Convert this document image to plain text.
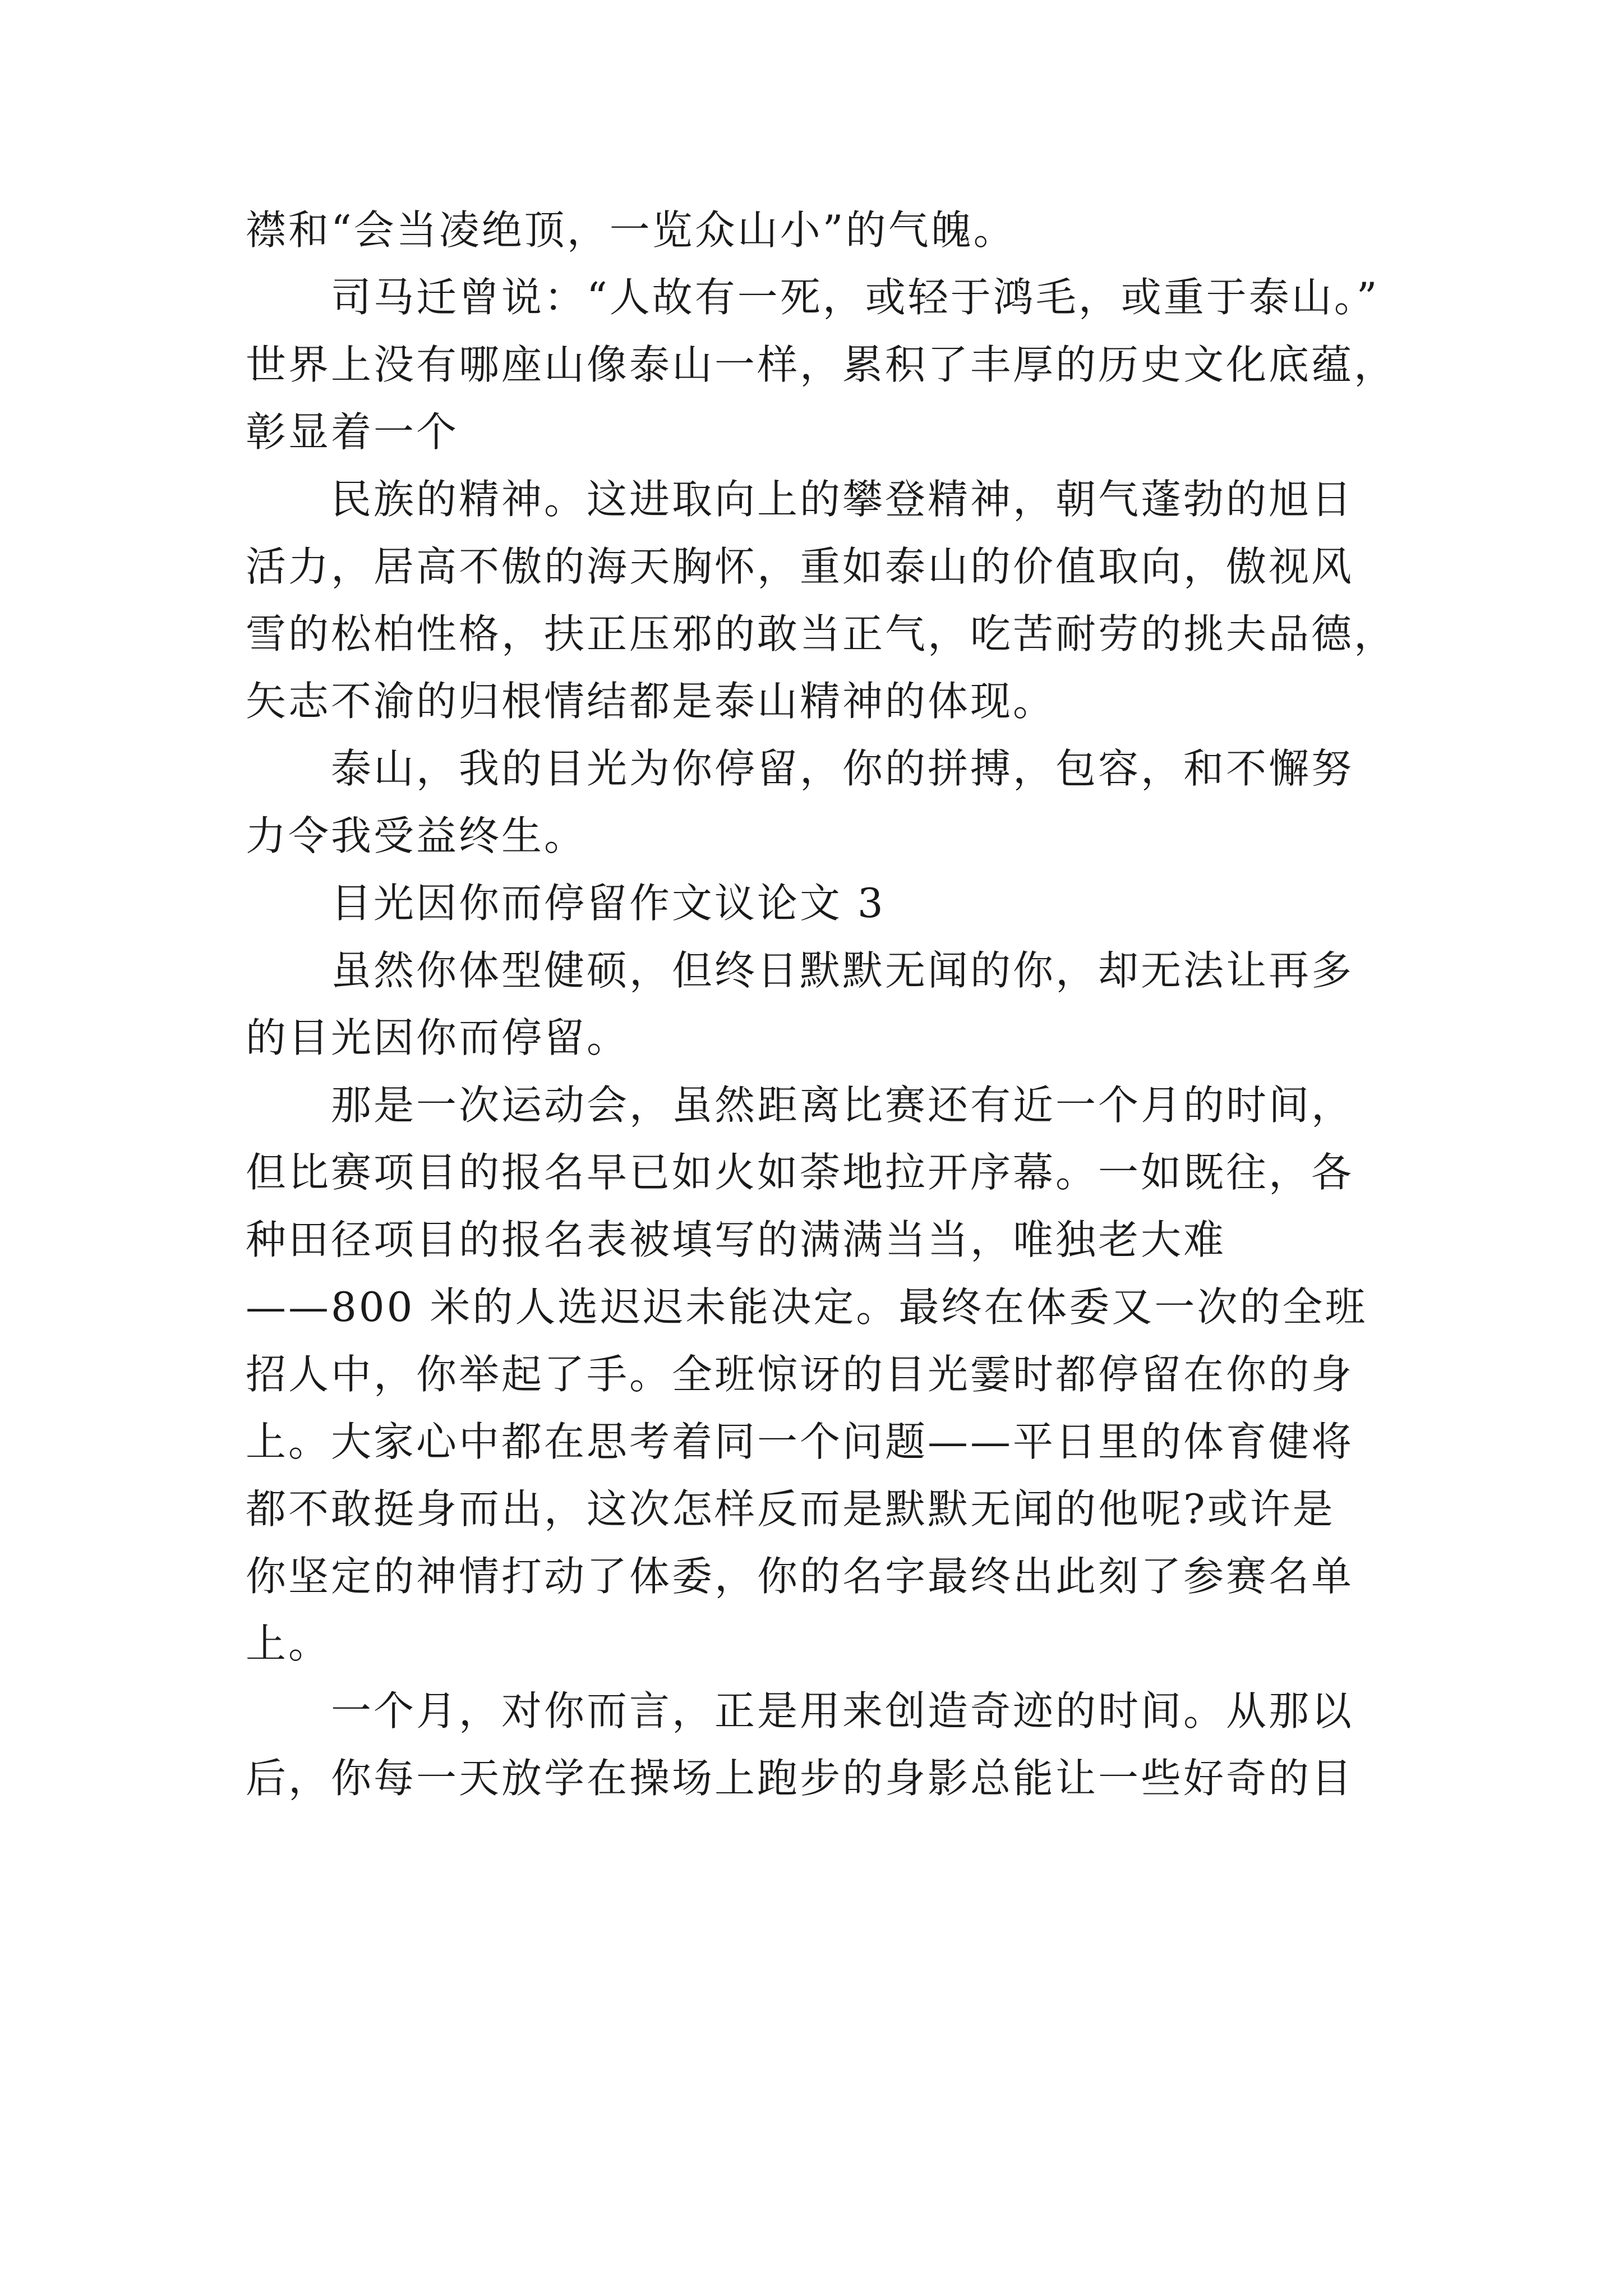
襟和“会当凌绝顶，一览众山小”的气魄。
司马迁曾说：“人故有一死，或轻于鸿毛，或重于泰山。”
世界上没有哪座山像泰山一样，累积了丰厚的历史文化底蕴，
彰显着一个
民族的精神。这进取向上的攀登精神，朝气蓬勃的旭日
活力，居高不傲的海天胸怀，重如泰山的价值取向，傲视风
雪的松柏性格，扶正压邪的敢当正气，吃苦耐劳的挑夫品德，
矢志不渝的归根情结都是泰山精神的体现。
泰山，我的目光为你停留，你的拼搏，包容，和不懈努
力令我受益终生。
目光因你而停留作文议论文 3
虽然你体型健硕，但终日默默无闻的你，却无法让再多
的目光因你而停留。
那是一次运动会，虽然距离比赛还有近一个月的时间，
但比赛项目的报名早已如火如荼地拉开序幕。一如既往，各
种田径项目的报名表被填写的满满当当，唯独老大难
——800 米的人选迟迟未能决定。最终在体委又一次的全班
招人中，你举起了手。全班惊讶的目光霎时都停留在你的身
上。大家心中都在思考着同一个问题——平日里的体育健将
都不敢挺身而出，这次怎样反而是默默无闻的他呢?或许是
你坚定的神情打动了体委，你的名字最终出此刻了参赛名单
上。
一个月，对你而言，正是用来创造奇迹的时间。从那以
后，你每一天放学在操场上跑步的身影总能让一些好奇的目
